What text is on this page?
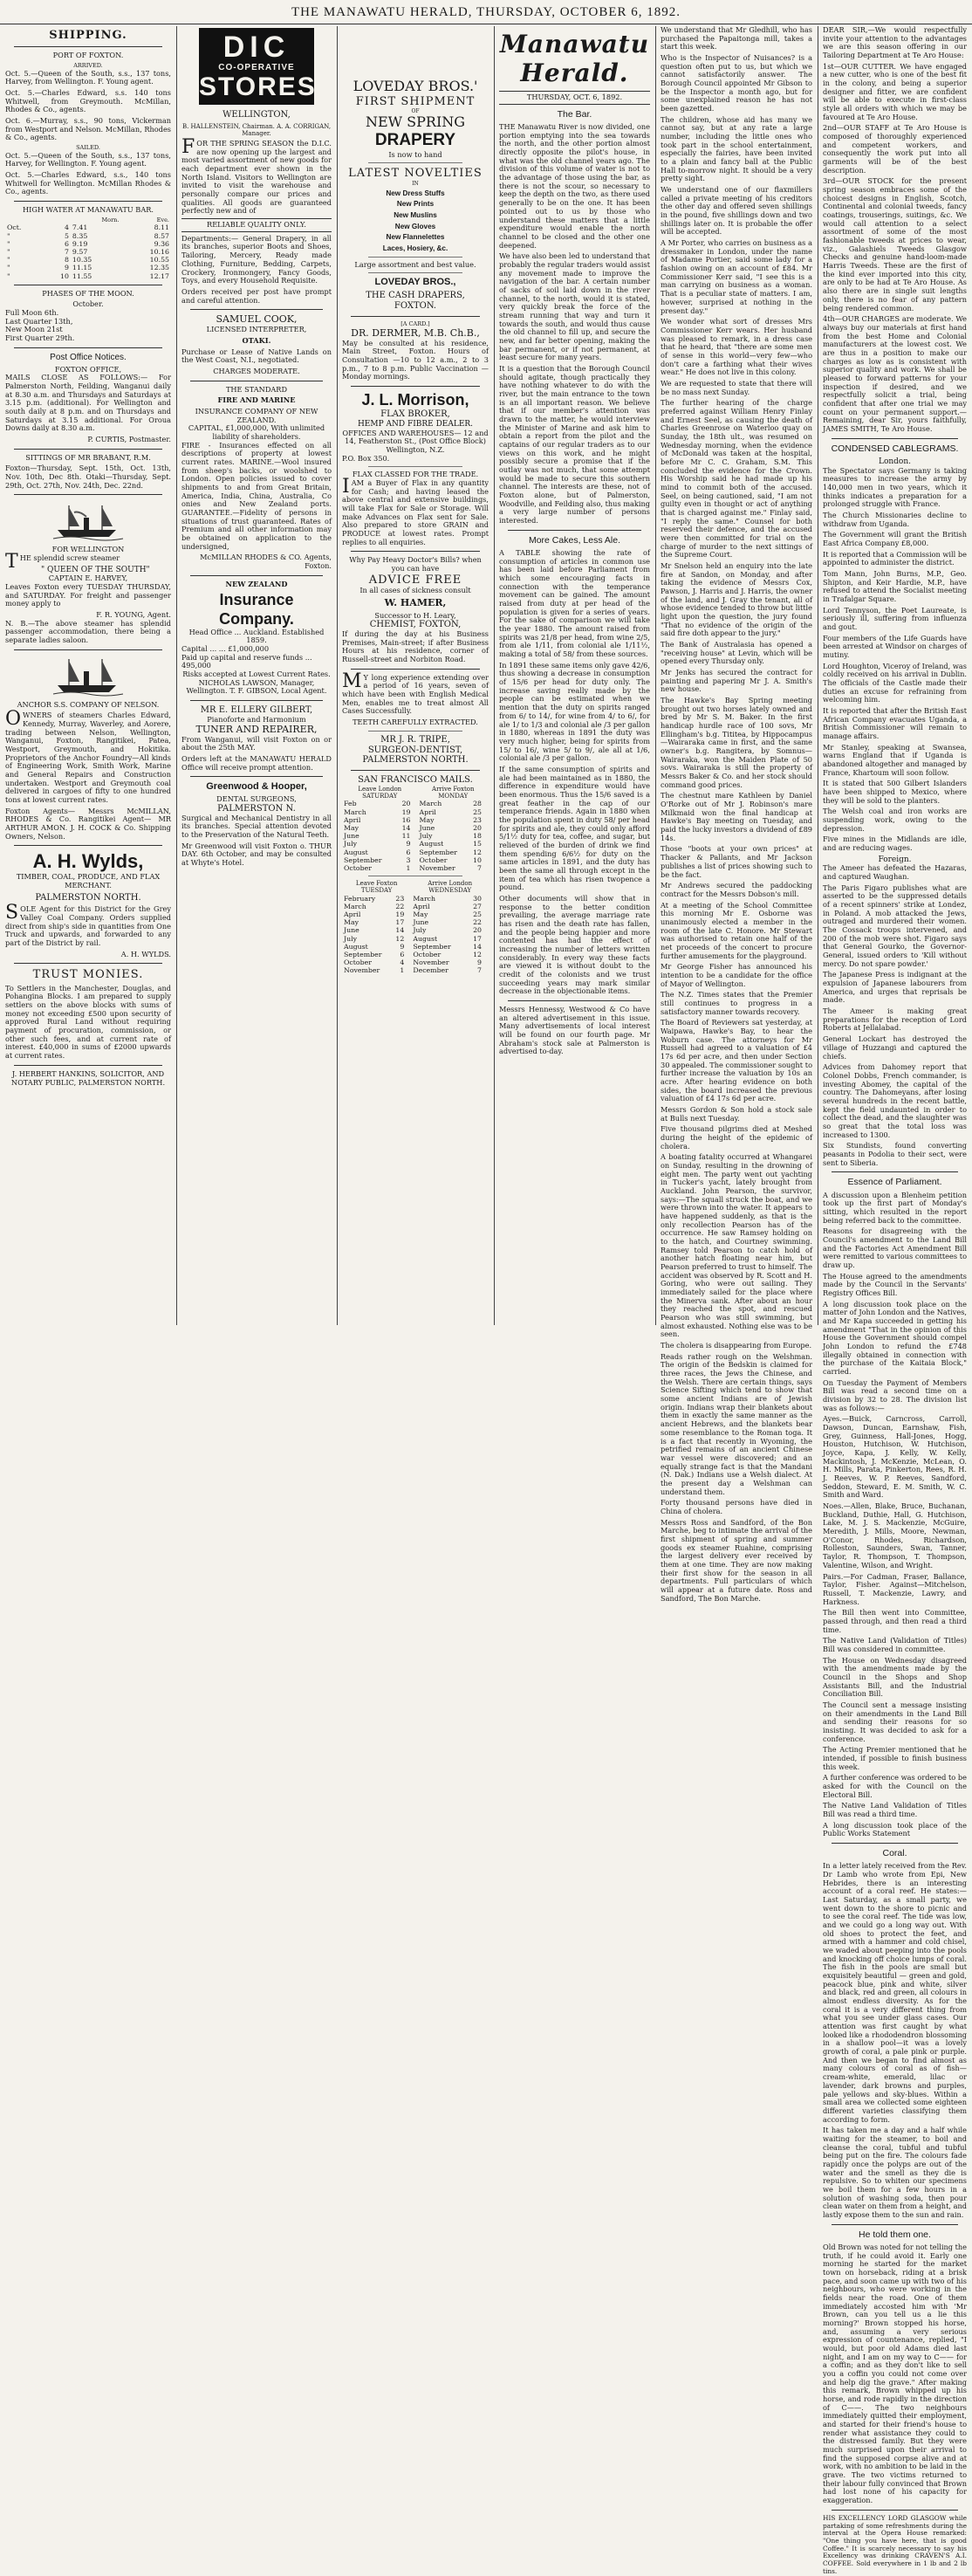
THE MANAWATU HERALD, THURSDAY, OCTOBER 6, 1892.
SHIPPING.
PORT OF FOXTON.
ARRIVED.

Oct. 5.—Queen of the South, s.s., 137 tons, Harvey, from Wellington. F. Young agent.

Oct. 5.—Charles Edward, s.s. 140 tons Whitwell, from Greymouth. McMillan, Rhodes & Co., agents.

Oct. 6.—Murray, s.s., 90 tons, Vickerman from Westport and Nelson. McMillan, Rhodes & Co., agents.

SAILED.

Oct. 5.—Queen of the South, s.s., 137 tons, Harvey, for Wellington. F. Young agent.

Oct. 5.—Charles Edward, s.s., 140 tons Whitwell for Wellington. McMillan Rhodes & Co., agents.

HIGH WATER AT MANAWATU BAR.
		Morn.	Eve.
Oct.	4	7.41	8.11
"	5	8.35	8.57
"	6	9.19	9.36
"	7	9.57	10.16
"	8	10.35	10.55
"	9	11.15	12.35
"	10	11.55	12.17
PHASES OF THE MOON.
October.
Full Moon 6th.
Last Quarter 13th,
New Moon 21st
First Quarter 29th.
Post Office Notices.
FOXTON OFFICE,

MAILS CLOSE AS FOLLOWS:— For Palmerston North, Feilding, Wanganui daily at 8.30 a.m. and Thursdays and Saturdays at 3.15 p.m. (additional). For Wellington and south daily at 8 p.m. and on Thursdays and Saturdays at 3.15 additional. For Oroua Downs daily at 8.30 a.m.

P. CURTIS, Postmaster.
SITTINGS OF MR BRABANT, R.M.

Foxton—Thursday, Sept. 15th, Oct. 13th, Nov. 10th, Dec 8th. Otaki—Thursday, Sept. 29th, Oct. 27th, Nov. 24th, Dec. 22nd.

FOR WELLINGTON

THE splendid screw steamer

" QUEEN OF THE SOUTH"
CAPTAIN E. HARVEY,

Leaves Foxton every TUESDAY THURSDAY, and SATURDAY. For freight and passenger money apply to

F. R. YOUNG, Agent.

N. B.—The above steamer has splendid passenger accommodation, there being a separate ladies saloon.

ANCHOR S.S. COMPANY OF NELSON.

OWNERS of steamers Charles Edward, Kennedy, Murray, Waverley, and Aorere, trading between Nelson, Wellington, Wanganui, Foxton, Rangitikei, Patea, Westport, Greymouth, and Hokitika. Proprietors of the Anchor Foundry—All kinds of Engineering Work, Smith Work, Marine and General Repairs and Construction undertaken. Westport and Greymouth coal delivered in cargoes of fifty to one hundred tons at lowest current rates.

Foxton Agents— Messrs McMILLAN, RHODES & Co. Rangitikei Agent— MR ARTHUR AMON. J. H. COCK & Co. Shipping Owners, Nelson.

A. H. Wylds,
TIMBER, COAL, PRODUCE, AND FLAX MERCHANT.
PALMERSTON NORTH.

SOLE Agent for this District for the Grey Valley Coal Company. Orders supplied direct from ship's side in quantities from One Truck and upwards, and forwarded to any part of the District by rail.

A. H. WYLDS.
TRUST MONIES.

To Settlers in the Manchester, Douglas, and Pohangina Blocks. I am prepared to supply settlers on the above blocks with sums of money not exceeding £500 upon security of approved Rural Land without requiring payment of procuration, commission, or other such fees, and at current rate of interest. £40,000 in sums of £2000 upwards at current rates.

J. HERBERT HANKINS, SOLICITOR, AND NOTARY PUBLIC, PALMERSTON NORTH.
DIC
CO-OPERATIVE
STORES
WELLINGTON,
B. HALLENSTEIN, Chairman. A. A. CORRIGAN, Manager.

FOR THE SPRING SEASON the D.I.C. are now opening up the largest and most varied assortment of new goods for each department ever shown in the North Island. Visitors to Wellington are invited to visit the warehouse and personally compare our prices and qualities. All goods are guaranteed perfectly new and of

RELIABLE QUALITY ONLY.

Departments:— General Drapery, in all its branches, superior Boots and Shoes, Tailoring, Mercery, Ready made Clothing, Furniture, Bedding, Carpets, Crockery, Ironmongery, Fancy Goods, Toys, and every Household Requisite.

Orders received per post have prompt and careful attention.

SAMUEL COOK,
LICENSED INTERPRETER,
OTAKI.

Purchase or Lease of Native Lands on the West Coast, N.I., negotiated.

CHARGES MODERATE.
THE STANDARD
FIRE AND MARINE
INSURANCE COMPANY OF NEW ZEALAND.
CAPITAL, £1,000,000, With unlimited liability of shareholders.

FIRE - Insurances effected on all descriptions of property at lowest current rates. MARINE.—Wool insured from sheep's backs, or woolshed to London. Open policies issued to cover shipments to and from Great Britain, America, India, China, Australia, Co onies and New Zealand ports. GUARANTEE.—Fidelity of persons in situations of trust guaranteed. Rates of Premium and all other information may be obtained on application to the undersigned,

McMILLAN RHODES & CO. Agents, Foxton.
NEW ZEALAND
Insurance Company.
Head Office ... Auckland. Established 1859.
Capital ... ... £1,000,000
Paid up capital and reserve funds ... 495,000
Risks accepted at Lowest Current Rates.
NICHOLAS LAWSON, Manager, Wellington. T. F. GIBSON, Local Agent.
MR E. ELLERY GILBERT,
Pianoforte and Harmonium
TUNER AND REPAIRER,

From Wanganui, will visit Foxton on or about the 25th MAY.

Orders left at the MANAWATU HERALD Office will receive prompt attention.

Greenwood & Hooper,
DENTAL SURGEONS,
PALMERSTON N.

Surgical and Mechanical Dentistry in all its branches. Special attention devoted to the Preservation of the Natural Teeth.

Mr Greenwood will visit Foxton o. THUR DAY. 6th October, and may be consulted at Whyte's Hotel.

LOVEDAY BROS.'
FIRST SHIPMENT
OF
NEW SPRING
DRAPERY
Is now to hand
LATEST NOVELTIES
IN
New Dress Stuffs
New Prints
New Muslins
New Gloves
New Flannelettes
Laces, Hosiery, &c.
Large assortment and best value.
LOVEDAY BROS.,
THE CASH DRAPERS,
FOXTON.
[A CARD.]
DR. DERMER, M.B. Ch.B.,

May be consulted at his residence, Main Street, Foxton. Hours of Consultation —10 to 12 a.m., 2 to 3 p.m., 7 to 8 p.m. Public Vaccination — Monday mornings.

J. L. Morrison,
FLAX BROKER,
HEMP AND FIBRE DEALER.
OFFICES AND WAREHOUSES— 12 and 14, Featherston St., (Post Office Block) Wellington, N.Z.
P.O. Box 350.
FLAX CLASSED FOR THE TRADE.

IAM a Buyer of Flax in any quantity for Cash; and having leased the above central and extensive buildings, will take Flax for Sale or Storage. Will make Advances on Flax sent for Sale. Also prepared to store GRAIN and PRODUCE at lowest rates. Prompt replies to all enquiries.

Why Pay Heavy Doctor's Bills? when you can have
ADVICE FREE
In all cases of sickness consult
W. HAMER,
Successor to H. Leary,
CHEMIST, FOXTON,

If during the day at his Business Premises, Main-street; if after Business Hours at his residence, corner of Russell-street and Norbiton Road.

MY long experience extending over a period of 16 years, seven of which have been with English Medical Men, enables me to treat almost All Cases Successfully.

TEETH CAREFULLY EXTRACTED.
MR J. R. TRIPE,
SURGEON-DENTIST,
PALMERSTON NORTH.
SAN FRANCISCO MAILS.
Leave London SATURDAY		Arrive Foxton MONDAY	
Feb	20	March	28
March	19	April	25
April	16	May	23
May	14	June	20
June	11	July	18
July	9	August	15
August	6	September	12
September	3	October	10
October	1	November	7
Leave Foxton TUESDAY		Arrive London WEDNESDAY	
February	23	March	30
March	22	April	27
April	19	May	25
May	17	June	22
June	14	July	20
July	12	August	17
August	9	September	14
September	6	October	12
October	4	November	9
November	1	December	7
Manawatu Herald.
THURSDAY, OCT. 6, 1892.
The Bar.

THE Manawatu River is now divided, one portion emptying into the sea towards the north, and the other portion almost directly opposite the pilot's house, in what was the old channel years ago. The division of this volume of water is not to the advantage of those using the bar, as there is not the scour, so necessary to keep the depth on the two, as there used generally to be on the one. It has been pointed out to us by those who understand these matters that a little expenditure would enable the north channel to be closed and the other one deepened.

We have also been led to understand that probably the regular traders would assist any movement made to improve the navigation of the bar. A certain number of sacks of soil laid down in the river channel, to the north, would it is stated, very quickly break the force of the stream running that way and turn it towards the south, and would thus cause the old channel to fill up, and secure the new, and far better opening, making the bar permanent, or if not permanent, at least secure for many years.

It is a question that the Borough Council should agitate, though practically they have nothing whatever to do with the river, but the main entrance to the town is an all important reason. We believe that if our member's attention was drawn to the matter, he would interview the Minister of Marine and ask him to obtain a report from the pilot and the captains of our regular traders as to our views on this work, and he might possibly secure a promise that if the outlay was not much, that some attempt would be made to secure this southern channel. The interests are these, not of Foxton alone, but of Palmerston, Woodville, and Feilding also, thus making a very large number of persons interested.

More Cakes, Less Ale.

A TABLE showing the rate of consumption of articles in common use has been laid before Parliament from which some encouraging facts in connection with the temperance movement can be gained. The amount raised from duty at per head of the population is given for a series of years. For the sake of comparison we will take the year 1880. The amount raised from spirits was 21/8 per head, from wine 2/5, from ale 1/11, from colonial ale 1/11½, making a total of 58/ from these sources.

In 1891 these same items only gave 42/6, thus showing a decrease in consumption of 15/6 per head for duty only. The increase saving really made by the people can be estimated when we mention that the duty on spirits ranged from 6/ to 14/, for wine from 4/ to 6/, for ale 1/ to 1/3 and colonial ale /3 per gallon in 1880, whereas in 1891 the duty was very much higher, being for spirits from 15/ to 16/, wine 5/ to 9/, ale all at 1/6, colonial ale /3 per gallon.

If the same consumption of spirits and ale had been maintained as in 1880, the difference in expenditure would have been enormous. Thus the 15/6 saved is a great feather in the cap of our temperance friends. Again in 1880 when the population spent in duty 58/ per head for spirits and ale, they could only afford 5/1½ duty for tea, coffee, and sugar, but relieved of the burden of drink we find them spending 6/6½ for duty on the same articles in 1891, and the duty has been the same all through except in the item of tea which has risen twopence a pound.

Other documents will show that in response to the better condition prevailing, the average marriage rate has risen and the death rate has fallen, and the people being happier and more contented has had the effect of increasing the number of letters written considerably. In every way these facts are viewed it is without doubt to the credit of the colonists and we trust succeeding years may mark similar decrease in the objectionable items.

Messrs Hennessy, Westwood & Co have an altered advertisement in this issue. Many advertisements of local interest will be found on our fourth page. Mr Abraham's stock sale at Palmerston is advertised to-day.

We understand that Mr Gledhill, who has purchased the Papaitonga mill, takes a start this week.

Who is the Inspector of Nuisances? is a question often put to us, but which we cannot satisfactorily answer. The Borough Council appointed Mr Gibson to be the Inspector a month ago, but for some unexplained reason he has not been gazetted.

The children, whose aid has many we cannot say, but at any rate a large number, including the little ones who took part in the school entertainment, especially the fairies, have been invited to a plain and fancy ball at the Public Hall to-morrow night. It should be a very pretty sight.

We understand one of our flaxmillers called a private meeting of his creditors the other day and offered seven shillings in the pound, five shillings down and two shillings later on. It is probable the offer will be accepted.

A Mr Porter, who carries on business as a dressmaker in London, under the name of Madame Portier, said some lady for a fashion owing on an account of £84. Mr Commissioner Kerr said, "I see this is a man carrying on business as a woman. That is a peculiar state of matters. I am, however, surprised at nothing in the present day."

We wonder what sort of dresses Mrs Commissioner Kerr wears. Her husband was pleased to remark, in a dress case that he heard, that "there are some men of sense in this world—very few—who don't care a farthing what their wives wear." He does not live in this colony.

We are requested to state that there will be no mass next Sunday.

The further hearing of the charge preferred against William Henry Finlay and Ernest Seel, as causing the death of Charles Greenrose on Waterloo quay on Sunday, the 18th ult., was resumed on Wednesday morning, when the evidence of McDonald was taken at the hospital, before Mr C. C. Graham, S.M. This concluded the evidence for the Crown. His Worship said he had made up his mind to commit both of the accused. Seel, on being cautioned, said, "I am not guilty even in thought or act of anything that is charged against me." Finlay said, "I reply the same." Counsel for both reserved their defence, and the accused were then committed for trial on the charge of murder to the next sittings of the Supreme Court.

Mr Snelson held an enquiry into the late fire at Sandon, on Monday, and after taking the evidence of Messrs Cox, Pawson, J. Harris and J. Harris, the owner of the land, and J. Gray the tenant, all of whose evidence tended to throw but little light upon the question, the jury found "That no evidence of the origin of the said fire doth appear to the jury."

The Bank of Australasia has opened a "receiving house" at Levin, which will be opened every Thursday only.

Mr Jenks has secured the contract for painting and papering Mr J. A. Smith's new house.

The Hawke's Bay Spring meeting brought out two horses lately owned and bred by Mr S. M. Baker. In the first handicap hurdle race of 100 sovs, Mr Ellingham's b.g. Tititea, by Hippocampus—Wairaraka came in first, and the same owner's b.g. Rangitera, by Somnus—Wairaraka, won the Maiden Plate of 50 sovs. Wairaraka is still the property of Messrs Baker & Co. and her stock should command good prices.

The chestnut mare Kathleen by Daniel O'Rorke out of Mr J. Robinson's mare Milkmaid won the final handicap at Hawke's Bay meeting on Tuesday, and paid the lucky investors a dividend of £89 14s.

Those "boots at your own prices" at Thacker & Pallants, and Mr Jackson publishes a list of prices showing such to be the fact.

Mr Andrews secured the paddocking contract for the Messrs Dobson's mill.

At a meeting of the School Committee this morning Mr E. Osborne was unanimously elected a member in the room of the late C. Honore. Mr Stewart was authorised to retain one half of the net proceeds of the concert to procure further amusements for the playground.

Mr George Fisher has announced his intention to be a candidate for the office of Mayor of Wellington.

The N.Z. Times states that the Premier still continues to progress in a satisfactory manner towards recovery.

The Board of Reviewers sat yesterday, at Waipawa, Hawke's Bay, to hear the Woburn case. The attorneys for Mr Russell had agreed to a valuation of £4 17s 6d per acre, and then under Section 30 appealed. The commissioner sought to further increase the valuation by 10s an acre. After hearing evidence on both sides, the board increased the previous valuation of £4 17s 6d per acre.

Messrs Gordon & Son hold a stock sale at Bulls next Tuesday.

Five thousand pilgrims died at Meshed during the height of the epidemic of cholera.

A boating fatality occurred at Whangarei on Sunday, resulting in the drowning of eight men. The party went out yachting in Tucker's yacht, lately brought from Auckland. John Pearson, the survivor, says:—The squall struck the boat, and we were thrown into the water. It appears to have happened suddenly, as that is the only recollection Pearson has of the occurrence. He saw Ramsey holding on to the hatch, and Courtney swimming. Ramsey told Pearson to catch hold of another hatch floating near him, but Pearson preferred to trust to himself. The accident was observed by R. Scott and H. Goring, who were out sailing. They immediately sailed for the place where the Minerva sank. After about an hour they reached the spot, and rescued Pearson who was still swimming, but almost exhausted. Nothing else was to be seen.

The cholera is disappearing from Europe.

Reads rather rough on the Welshman. The origin of the Bedskin is claimed for three races, the Jews the Chinese, and the Welsh. There are certain things, says Science Sifting which tend to show that some ancient Indians are of Jewish origin. Indians wrap their blankets about them in exactly the same manner as the ancient Hebrews, and the blankets bear some resemblance to the Roman toga. It is a fact that recently in Wyoming, the petrified remains of an ancient Chinese war vessel were discovered; and an equally strange fact is that the Mandani (N. Dak.) Indians use a Welsh dialect. At the present day a Welshman can understand them.

Forty thousand persons have died in China of cholera.

Messrs Ross and Sandford, of the Bon Marche, beg to intimate the arrival of the first shipment of spring and summer goods ex steamer Ruahine, comprising the largest delivery ever received by them at one time. They are now making their first show for the season in all departments. Full particulars of which will appear at a future date. Ross and Sandford, The Bon Marche.

DEAR SIR,—We would respectfully invite your attention to the advantages we are this season offering in our Tailoring Department at Te Aro House:

1st—OUR CUTTER. We have engaged a new cutter, who is one of the best fit in the colony, and being a superior designer and fitter, we are confident will be able to execute in first-class style all orders with which we may be favoured at Te Aro House.

2nd—OUR STAFF at Te Aro House is composed of thoroughly experienced and competent workers, and consequently the work put into all garments will be of the best description.

3rd—OUR STOCK for the present spring season embraces some of the choicest designs in English, Scotch, Continental and colonial tweeds, fancy coatings, trouserings, suitings, &c. We would call attention to a select assortment of some of the most fashionable tweeds at prices to wear, viz., Galashiels Tweeds Glasgow Checks and genuine hand-loom-made Harris Tweeds. These are the first of the kind ever imported into this city, are only to be had at Te Aro House. As also there are in single suit lengths only, there is no fear of any pattern being rendered common.

4th—OUR CHARGES are moderate. We always buy our materials at first hand from the best Home and Colonial manufacturers at the lowest cost. We are thus in a position to make our charges as low as is consistent with superior quality and work. We shall be pleased to forward patterns for your inspection if desired, and we respectfully solicit a trial, being confident that after one trial we may count on your permanent support.—Remaining, dear Sir, yours faithfully, JAMES SMITH, Te Aro House.

CONDENSED CABLEGRAMS.
London.

The Spectator says Germany is taking measures to increase the army by 140,000 men in two years, which it thinks indicates a preparation for a prolonged struggle with France.

The Church Missionaries decline to withdraw from Uganda.

The Government will grant the British East Africa Company £8,000.

It is reported that a Commission will be appointed to administer the district.

Tom Mann, John Burns, M.P., Geo. Shipton, and Keir Hardie, M.P., have refused to attend the Socialist meeting in Trafalgar Square.

Lord Tennyson, the Poet Laureate, is seriously ill, suffering from influenza and gout.

Four members of the Life Guards have been arrested at Windsor on charges of mutiny.

Lord Houghton, Viceroy of Ireland, was coldly received on his arrival in Dublin. The officials of the Castle made their duties an excuse for refraining from welcoming him.

It is reported that after the British East African Company evacuates Uganda, a British Commissioner will remain to manage affairs.

Mr Stanley, speaking at Swansea, warns England that if Uganda is abandoned altogether and managed by France, Khartoum will soon follow.

It is stated that 500 Gilbert Islanders have been shipped to Mexico, where they will be sold to the planters.

The Welsh coal and iron works are suspending work, owing to the depression.

Five mines in the Midlands are idle, and are reducing wages.

Foreign.

The Ameer has defeated the Hazaras, and captured Waughan.

The Paris Figaro publishes what are asserted to be the suppressed details of a recent spinners' strike at Londez, in Poland. A mob attacked the Jews, outraged and murdered their women. The Cossack troops intervened, and 200 of the mob were shot. Figaro says that General Gourko, the Governor-General, issued orders to 'Kill without mercy. Do not spare powder.'

The Japanese Press is indignant at the expulsion of Japanese labourers from America, and urges that reprisals be made.

The Ameer is making great preparations for the reception of Lord Roberts at Jellalabad.

General Lockart has destroyed the village of Huzzangi and captured the chiefs.

Advices from Dahomey report that Colonel Dobbs, French commander, is investing Abomey, the capital of the country. The Dahomeyans, after losing several hundreds in the recent battle, kept the field undaunted in order to collect the dead, and the slaughter was so great that the total loss was increased to 1300.

Six Stundists, found converting peasants in Podolia to their sect, were sent to Siberia.

Essence of Parliament.

A discussion upon a Blenheim petition took up the first part of Monday's sitting, which resulted in the report being referred back to the committee.

Reasons for disagreeing with the Council's amendment to the Land Bill and the Factories Act Amendment Bill were remitted to various committees to draw up.

The House agreed to the amendments made by the Council in the Servants' Registry Offices Bill.

A long discussion took place on the matter of John London and the Natives, and Mr Kapa succeeded in getting his amendment "That in the opinion of this House the Government should compel John London to refund the £748 illegally obtained in connection with the purchase of the Kaitaia Block," carried.

On Tuesday the Payment of Members Bill was read a second time on a division by 32 to 28. The division list was as follows:—

Ayes.—Buick, Carncross, Carroll, Dawson, Duncan, Earnshaw, Fish, Grey, Guinness, Hall-Jones, Hogg, Houston, Hutchison, W. Hutchison, Joyce, Kapa, J. Kelly, W. Kelly, Mackintosh, J. McKenzie, McLean, O. H. Mills, Parata, Pinkerton, Rees, R. H. J. Reeves, W. P. Reeves, Sandford, Seddon, Steward, E. M. Smith, W. C. Smith and Ward.

Noes.—Allen, Blake, Bruce, Buchanan, Buckland, Duthie, Hall, G. Hutchison, Lake, M. J. S. Mackenzie, McGuire, Meredith, J. Mills, Moore, Newman, O'Conor, Rhodes, Richardson, Rolleston, Saunders, Swan, Tanner, Taylor, R. Thompson, T. Thompson, Valentine, Wilson, and Wright.

Pairs.—For Cadman, Fraser, Ballance, Taylor, Fisher. Against—Mitchelson, Russell, T. Mackenzie, Lawry, and Harkness.

The Bill then went into Committee, passed through, and then read a third time.

The Native Land (Validation of Titles) Bill was considered in committee.

The House on Wednesday disagreed with the amendments made by the Council in the Shops and Shop Assistants Bill, and the Industrial Conciliation Bill.

The Council sent a message insisting on their amendments in the Land Bill and sending their reasons for so insisting. It was decided to ask for a conference.

The Acting Premier mentioned that he intended, if possible to finish business this week.

A further conference was ordered to be asked for with the Council on the Electoral Bill.

The Native Land Validation of Titles Bill was read a third time.

A long discussion took place of the Public Works Statement

Coral.

In a letter lately received from the Rev. Dr Lamb who wrote from Epi, New Hebrides, there is an interesting account of a coral reef. He states:—Last Saturday, as a small party, we went down to the shore to picnic and to see the coral reef. The tide was low, and we could go a long way out. With old shoes to protect the feet, and armed with a hammer and cold chisel, we waded about peeping into the pools and knocking off choice lumps of coral. The fish in the pools are small but exquisitely beautiful — green and gold, peacock blue, pink and white, silver and black, red and green, all colours in almost endless diversity. As for the coral it is a very different thing from what you see under glass cases. Our attention was first caught by what looked like a rhododendron blossoming in a shallow pool—it was a lovely growth of coral, a pale pink or purple. And then we began to find almost as many colours of coral as of fish—cream-white, emerald, lilac or lavender, dark browns and purples, pale yellows and sky-blues. Within a small area we collected some eighteen different varieties classifying them according to form.

It has taken me a day and a half while waiting for the steamer, to boil and cleanse the coral, tubful and tubful being put on the fire. The colours fade rapidly once the polyps are out of the water and the smell as they die is repulsive. So to whiten our specimens we boil them for a few hours in a solution of washing soda, then pour clean water on them from a height, and lastly expose them to the sun and rain.

He told them one.

Old Brown was noted for not telling the truth, if he could avoid it. Early one morning he started for the market town on horseback, riding at a brisk pace, and soon came up with two of his neighbours, who were working in the fields near the road. One of them immediately accosted him with 'Mr Brown, can you tell us a lie this morning?' Brown stopped his horse, and, assuming a very serious expression of countenance, replied, "I would, but poor old Adams died last night, and I am on my way to C—— for a coffin; and as they don't like to sell you a coffin you could not come over and help dig the grave." After making this remark, Brown whipped up his horse, and rode rapidly in the direction of C——. The two neighbours immediately quitted their employment, and started for their friend's house to render what assistance they could to the distressed family. But they were much surprised upon their arrival to find the supposed corpse alive and at work, with no ambition to be laid in the grave. The two victims returned to their labour fully convinced that Brown had lost none of his capacity for exaggeration.

HIS EXCELLENCY LORD GLASGOW while partaking of some refreshments during the interval at the Opera House remarked: "One thing you have here, that is good Coffee." It is scarcely necessary to say his Excellency was drinking CRAVEN'S A.I. COFFEE. Sold everywhere in 1 lb and 2 lb tins.
